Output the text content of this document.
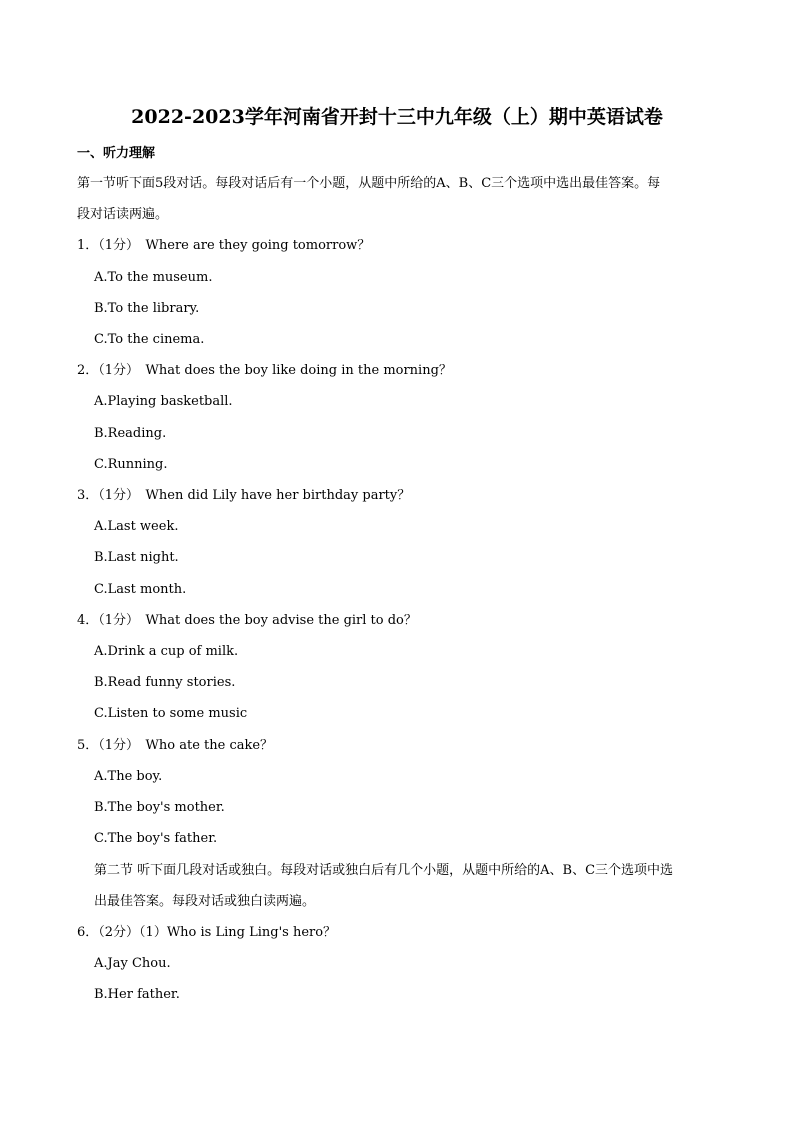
2022-2023学年河南省开封十三中九年级（上）期中英语试卷
一、听力理解
第一节听下面5段对话。每段对话后有一个小题，从题中所给的A、B、C三个选项中选出最佳答案。每
段对话读两遍。
1．（1分）　Where are they going tomorrow？
A.To the museum.
B.To the library.
C.To the cinema.
2．（1分）　What does the boy like doing in the morning？
A.Playing basketball.
B.Reading.
C.Running.
3．（1分）　When did Lily have her birthday party？
A.Last week.
B.Last night.
C.Last month.
4．（1分）　What does the boy advise the girl to do？
A.Drink a cup of milk.
B.Read funny stories.
C.Listen to some music
5．（1分）　Who ate the cake？
A.The boy.
B.The boy's mother.
C.The boy's father.
第二节 听下面几段对话或独白。每段对话或独白后有几个小题，从题中所给的A、B、C三个选项中选
出最佳答案。每段对话或独白读两遍。
6．（2分）（1）Who is Ling Ling's hero？
A.Jay Chou.
B.Her father.
